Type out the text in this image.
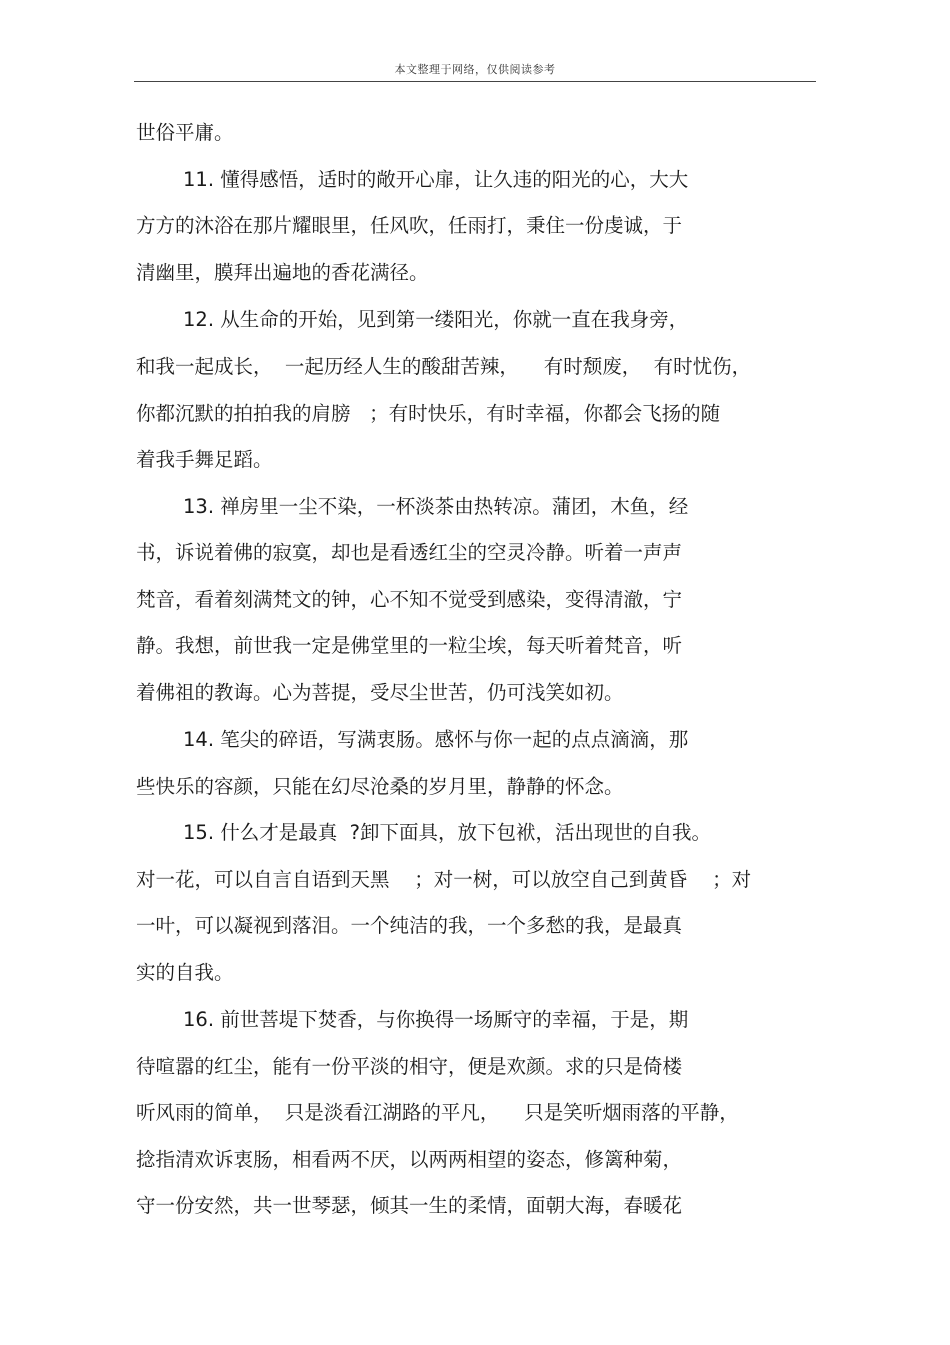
本文整理于网络，仅供阅读参考
世俗平庸。
11. 懂得感悟，适时的敞开心扉，让久违的阳光的心，大大
方方的沐浴在那片耀眼里，任风吹，任雨打，秉住一份虔诚，于
清幽里，膜拜出遍地的香花满径。
12. 从生命的开始，见到第一缕阳光，你就一直在我身旁，
和我一起成长，  一起历经人生的酸甜苦辣，    有时颓废，  有时忧伤，
你都沉默的拍拍我的肩膀   ；有时快乐，有时幸福，你都会飞扬的随
着我手舞足蹈。
13. 禅房里一尘不染，一杯淡茶由热转凉。蒲团，木鱼，经
书，诉说着佛的寂寞，却也是看透红尘的空灵冷静。听着一声声
梵音，看着刻满梵文的钟，心不知不觉受到感染，变得清澈，宁
静。我想，前世我一定是佛堂里的一粒尘埃，每天听着梵音，听
着佛祖的教诲。心为菩提，受尽尘世苦，仍可浅笑如初。
14. 笔尖的碎语，写满衷肠。感怀与你一起的点点滴滴，那
些快乐的容颜，只能在幻尽沧桑的岁月里，静静的怀念。
15. 什么才是最真  ?卸下面具，放下包袱，活出现世的自我。
对一花，可以自言自语到天黑    ；对一树，可以放空自己到黄昏    ；对
一叶，可以凝视到落泪。一个纯洁的我，一个多愁的我，是最真
实的自我。
16. 前世菩堤下焚香，与你换得一场厮守的幸福，于是，期
待喧嚣的红尘，能有一份平淡的相守，便是欢颜。求的只是倚楼
听风雨的简单，  只是淡看江湖路的平凡，    只是笑听烟雨落的平静，
捻指清欢诉衷肠，相看两不厌，以两两相望的姿态，修篱种菊，
守一份安然，共一世琴瑟，倾其一生的柔情，面朝大海，春暖花
